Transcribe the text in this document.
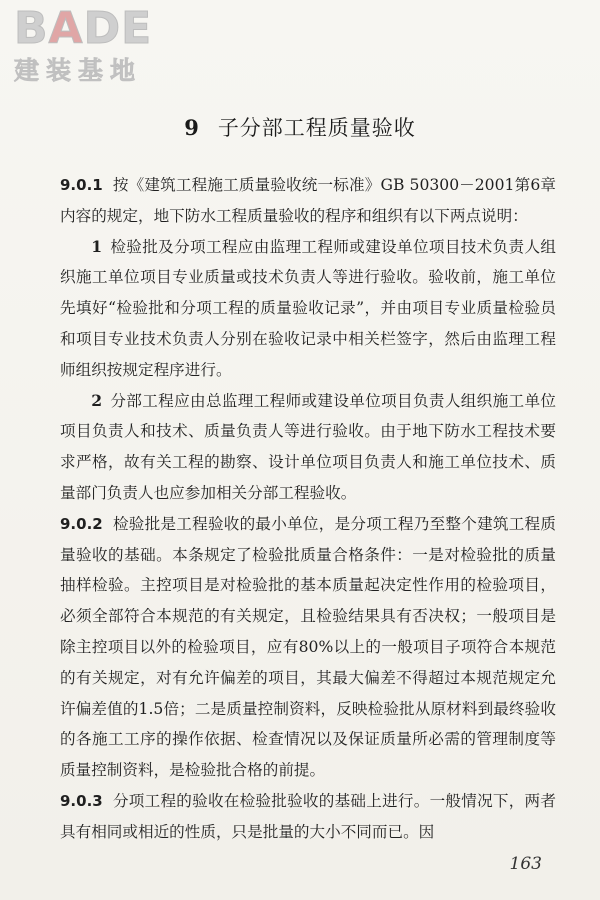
BADE
建装基地
9 子分部工程质量验收

9.0.1 按《建筑工程施工质量验收统一标准》GB 50300－2001第6章内容的规定，地下防水工程质量验收的程序和组织有以下两点说明：

1 检验批及分项工程应由监理工程师或建设单位项目技术负责人组织施工单位项目专业质量或技术负责人等进行验收。验收前，施工单位先填好“检验批和分项工程的质量验收记录”，并由项目专业质量检验员和项目专业技术负责人分别在验收记录中相关栏签字，然后由监理工程师组织按规定程序进行。

2 分部工程应由总监理工程师或建设单位项目负责人组织施工单位项目负责人和技术、质量负责人等进行验收。由于地下防水工程技术要求严格，故有关工程的勘察、设计单位项目负责人和施工单位技术、质量部门负责人也应参加相关分部工程验收。

9.0.2 检验批是工程验收的最小单位，是分项工程乃至整个建筑工程质量验收的基础。本条规定了检验批质量合格条件：一是对检验批的质量抽样检验。主控项目是对检验批的基本质量起决定性作用的检验项目，必须全部符合本规范的有关规定，且检验结果具有否决权；一般项目是除主控项目以外的检验项目，应有80%以上的一般项目子项符合本规范的有关规定，对有允许偏差的项目，其最大偏差不得超过本规范规定允许偏差值的1.5倍；二是质量控制资料，反映检验批从原材料到最终验收的各施工工序的操作依据、检查情况以及保证质量所必需的管理制度等质量控制资料，是检验批合格的前提。

9.0.3 分项工程的验收在检验批验收的基础上进行。一般情况下，两者具有相同或相近的性质，只是批量的大小不同而已。因

163
